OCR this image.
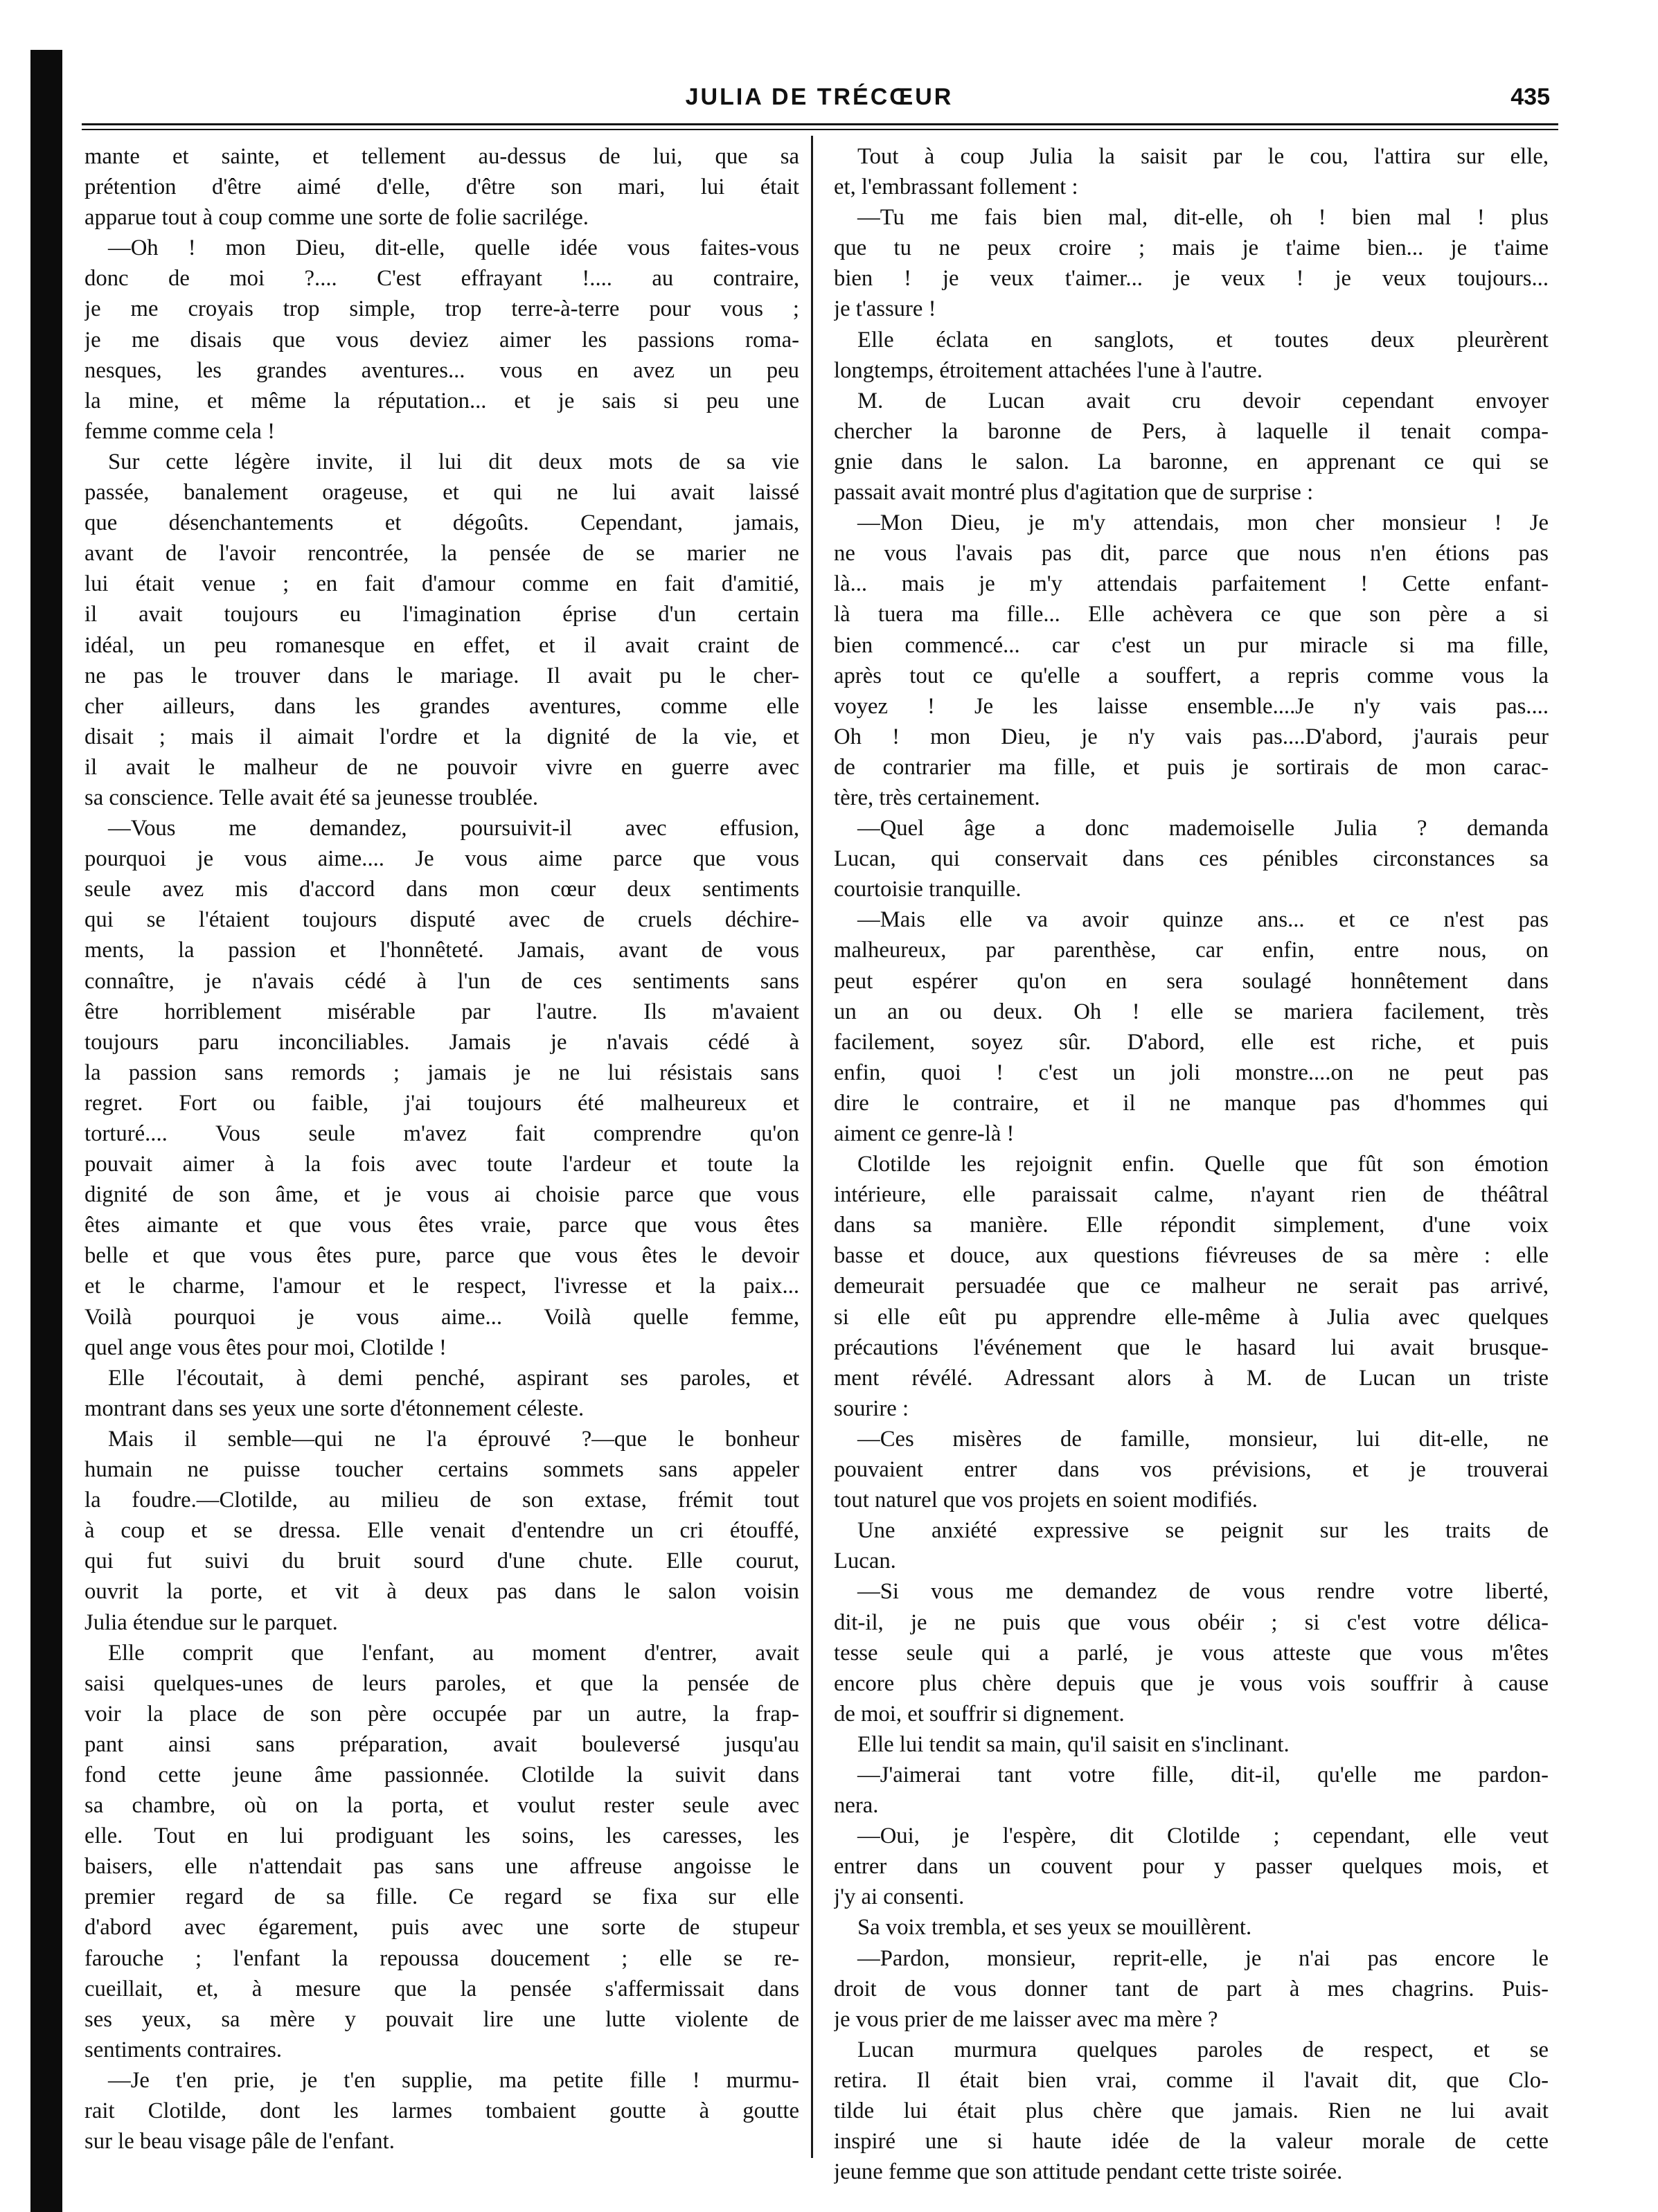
JULIA DE TRÉCŒUR	435
mante et sainte, et tellement au-dessus de lui, que sa
prétention d'être aimé d'elle, d'être son mari, lui était
apparue tout à coup comme une sorte de folie sacrilége.
—Oh ! mon Dieu, dit-elle, quelle idée vous faites-vous
donc de moi ?.... C'est effrayant !.... au contraire,
je me croyais trop simple, trop terre-à-terre pour vous ;
je me disais que vous deviez aimer les passions roma-
nesques, les grandes aventures... vous en avez un peu
la mine, et même la réputation... et je sais si peu une
femme comme cela !
Sur cette légère invite, il lui dit deux mots de sa vie
passée, banalement orageuse, et qui ne lui avait laissé
que désenchantements et dégoûts. Cependant, jamais,
avant de l'avoir rencontrée, la pensée de se marier ne
lui était venue ; en fait d'amour comme en fait d'amitié,
il avait toujours eu l'imagination éprise d'un certain
idéal, un peu romanesque en effet, et il avait craint de
ne pas le trouver dans le mariage. Il avait pu le cher-
cher ailleurs, dans les grandes aventures, comme elle
disait ; mais il aimait l'ordre et la dignité de la vie, et
il avait le malheur de ne pouvoir vivre en guerre avec
sa conscience. Telle avait été sa jeunesse troublée.
—Vous me demandez, poursuivit-il avec effusion,
pourquoi je vous aime.... Je vous aime parce que vous
seule avez mis d'accord dans mon cœur deux sentiments
qui se l'étaient toujours disputé avec de cruels déchire-
ments, la passion et l'honnêteté. Jamais, avant de vous
connaître, je n'avais cédé à l'un de ces sentiments sans
être horriblement misérable par l'autre. Ils m'avaient
toujours paru inconciliables. Jamais je n'avais cédé à
la passion sans remords ; jamais je ne lui résistais sans
regret. Fort ou faible, j'ai toujours été malheureux et
torturé.... Vous seule m'avez fait comprendre qu'on
pouvait aimer à la fois avec toute l'ardeur et toute la
dignité de son âme, et je vous ai choisie parce que vous
êtes aimante et que vous êtes vraie, parce que vous êtes
belle et que vous êtes pure, parce que vous êtes le devoir
et le charme, l'amour et le respect, l'ivresse et la paix...
Voilà pourquoi je vous aime... Voilà quelle femme,
quel ange vous êtes pour moi, Clotilde !
Elle l'écoutait, à demi penché, aspirant ses paroles, et
montrant dans ses yeux une sorte d'étonnement céleste.
Mais il semble—qui ne l'a éprouvé ?—que le bonheur
humain ne puisse toucher certains sommets sans appeler
la foudre.—Clotilde, au milieu de son extase, frémit tout
à coup et se dressa. Elle venait d'entendre un cri étouffé,
qui fut suivi du bruit sourd d'une chute. Elle courut,
ouvrit la porte, et vit à deux pas dans le salon voisin
Julia étendue sur le parquet.
Elle comprit que l'enfant, au moment d'entrer, avait
saisi quelques-unes de leurs paroles, et que la pensée de
voir la place de son père occupée par un autre, la frap-
pant ainsi sans préparation, avait bouleversé jusqu'au
fond cette jeune âme passionnée. Clotilde la suivit dans
sa chambre, où on la porta, et voulut rester seule avec
elle. Tout en lui prodiguant les soins, les caresses, les
baisers, elle n'attendait pas sans une affreuse angoisse le
premier regard de sa fille. Ce regard se fixa sur elle
d'abord avec égarement, puis avec une sorte de stupeur
farouche ; l'enfant la repoussa doucement ; elle se re-
cueillait, et, à mesure que la pensée s'affermissait dans
ses yeux, sa mère y pouvait lire une lutte violente de
sentiments contraires.
—Je t'en prie, je t'en supplie, ma petite fille ! murmu-
rait Clotilde, dont les larmes tombaient goutte à goutte
sur le beau visage pâle de l'enfant.
Tout à coup Julia la saisit par le cou, l'attira sur elle,
et, l'embrassant follement :
—Tu me fais bien mal, dit-elle, oh ! bien mal ! plus
que tu ne peux croire ; mais je t'aime bien... je t'aime
bien ! je veux t'aimer... je veux ! je veux toujours...
je t'assure !
Elle éclata en sanglots, et toutes deux pleurèrent
longtemps, étroitement attachées l'une à l'autre.
M. de Lucan avait cru devoir cependant envoyer
chercher la baronne de Pers, à laquelle il tenait compa-
gnie dans le salon. La baronne, en apprenant ce qui se
passait avait montré plus d'agitation que de surprise :
—Mon Dieu, je m'y attendais, mon cher monsieur ! Je
ne vous l'avais pas dit, parce que nous n'en étions pas
là... mais je m'y attendais parfaitement ! Cette enfant-
là tuera ma fille... Elle achèvera ce que son père a si
bien commencé... car c'est un pur miracle si ma fille,
après tout ce qu'elle a souffert, a repris comme vous la
voyez ! Je les laisse ensemble....Je n'y vais pas....
Oh ! mon Dieu, je n'y vais pas....D'abord, j'aurais peur
de contrarier ma fille, et puis je sortirais de mon carac-
tère, très certainement.
—Quel âge a donc mademoiselle Julia ? demanda
Lucan, qui conservait dans ces pénibles circonstances sa
courtoisie tranquille.
—Mais elle va avoir quinze ans... et ce n'est pas
malheureux, par parenthèse, car enfin, entre nous, on
peut espérer qu'on en sera soulagé honnêtement dans
un an ou deux. Oh ! elle se mariera facilement, très
facilement, soyez sûr. D'abord, elle est riche, et puis
enfin, quoi ! c'est un joli monstre....on ne peut pas
dire le contraire, et il ne manque pas d'hommes qui
aiment ce genre-là !
Clotilde les rejoignit enfin. Quelle que fût son émotion
intérieure, elle paraissait calme, n'ayant rien de théâtral
dans sa manière. Elle répondit simplement, d'une voix
basse et douce, aux questions fiévreuses de sa mère : elle
demeurait persuadée que ce malheur ne serait pas arrivé,
si elle eût pu apprendre elle-même à Julia avec quelques
précautions l'événement que le hasard lui avait brusque-
ment révélé. Adressant alors à M. de Lucan un triste
sourire :
—Ces misères de famille, monsieur, lui dit-elle, ne
pouvaient entrer dans vos prévisions, et je trouverai
tout naturel que vos projets en soient modifiés.
Une anxiété expressive se peignit sur les traits de
Lucan.
—Si vous me demandez de vous rendre votre liberté,
dit-il, je ne puis que vous obéir ; si c'est votre délica-
tesse seule qui a parlé, je vous atteste que vous m'êtes
encore plus chère depuis que je vous vois souffrir à cause
de moi, et souffrir si dignement.
Elle lui tendit sa main, qu'il saisit en s'inclinant.
—J'aimerai tant votre fille, dit-il, qu'elle me pardon-
nera.
—Oui, je l'espère, dit Clotilde ; cependant, elle veut
entrer dans un couvent pour y passer quelques mois, et
j'y ai consenti.
Sa voix trembla, et ses yeux se mouillèrent.
—Pardon, monsieur, reprit-elle, je n'ai pas encore le
droit de vous donner tant de part à mes chagrins. Puis-
je vous prier de me laisser avec ma mère ?
Lucan murmura quelques paroles de respect, et se
retira. Il était bien vrai, comme il l'avait dit, que Clo-
tilde lui était plus chère que jamais. Rien ne lui avait
inspiré une si haute idée de la valeur morale de cette
jeune femme que son attitude pendant cette triste soirée.
